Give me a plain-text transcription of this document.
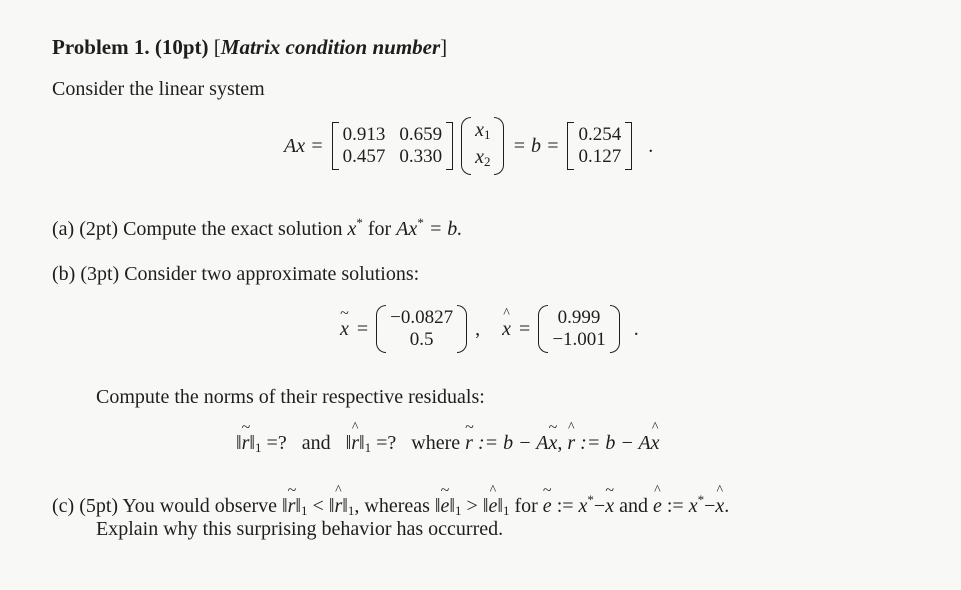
Problem 1. (10pt) [Matrix condition number]
Consider the linear system
Ax = 0.913 0.659
0.457 0.330
$x_1$
$x_2$
= b = 0.254
0.127 .
(a) (2pt) Compute the exact solution x* for Ax* = b.
(b) (3pt) Consider two approximate solutions:
x ~ = −0.0827
0.5	, x ^ = 0.999
−1.001 .
Compute the norms of their respective residuals:
‖r $\sim‖_1$ =? and ‖r $\^{}‖_1$ =? where r ~ := b − Ax ~, r ^ := b − Ax ^
(c) (5pt) You would observe ‖r $\sim‖_1$ < ‖r $\^{}‖_1$, whereas ‖e $\sim‖_1$ > ‖e $\^{}‖_1$ for e ~ := x*−x ~ and e ^ := x*−x ^.
Explain why this surprising behavior has occurred.
